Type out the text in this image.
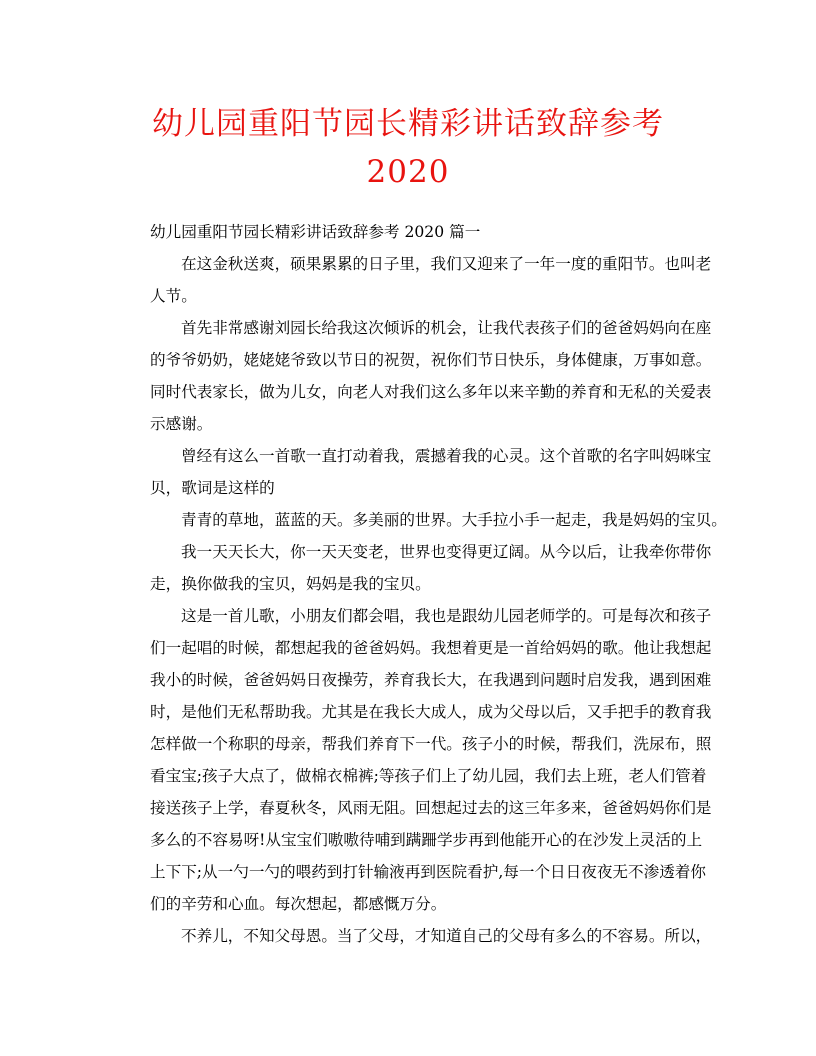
幼儿园重阳节园长精彩讲话致辞参考
2020
幼儿园重阳节园长精彩讲话致辞参考 2020 篇一
在这金秋送爽，硕果累累的日子里，我们又迎来了一年一度的重阳节。也叫老
人节。
首先非常感谢刘园长给我这次倾诉的机会，让我代表孩子们的爸爸妈妈向在座
的爷爷奶奶，姥姥姥爷致以节日的祝贺，祝你们节日快乐，身体健康，万事如意。
同时代表家长，做为儿女，向老人对我们这么多年以来辛勤的养育和无私的关爱表
示感谢。
曾经有这么一首歌一直打动着我，震撼着我的心灵。这个首歌的名字叫妈咪宝
贝，歌词是这样的
青青的草地，蓝蓝的天。多美丽的世界。大手拉小手一起走，我是妈妈的宝贝。
我一天天长大，你一天天变老，世界也变得更辽阔。从今以后，让我牵你带你
走，换你做我的宝贝，妈妈是我的宝贝。
这是一首儿歌，小朋友们都会唱，我也是跟幼儿园老师学的。可是每次和孩子
们一起唱的时候，都想起我的爸爸妈妈。我想着更是一首给妈妈的歌。他让我想起
我小的时候，爸爸妈妈日夜操劳，养育我长大，在我遇到问题时启发我，遇到困难
时，是他们无私帮助我。尤其是在我长大成人，成为父母以后，又手把手的教育我
怎样做一个称职的母亲，帮我们养育下一代。孩子小的时候，帮我们，洗尿布，照
看宝宝;孩子大点了，做棉衣棉裤;等孩子们上了幼儿园，我们去上班，老人们管着
接送孩子上学，春夏秋冬，风雨无阻。回想起过去的这三年多来，爸爸妈妈你们是
多么的不容易呀!从宝宝们嗷嗷待哺到蹒跚学步再到他能开心的在沙发上灵活的上
上下下;从一勺一勺的喂药到打针输液再到医院看护,每一个日日夜夜无不渗透着你
们的辛劳和心血。每次想起，都感慨万分。
不养儿，不知父母恩。当了父母，才知道自己的父母有多么的不容易。所以，
